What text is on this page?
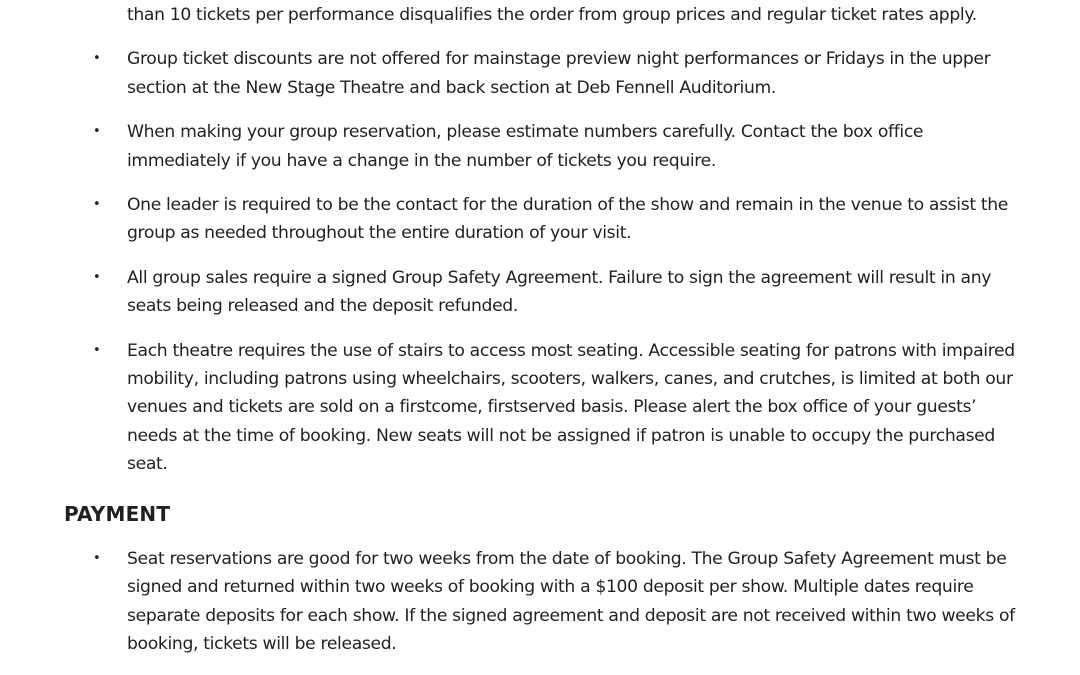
than 10 tickets per performance disqualifies the order from group prices and regular ticket rates apply.
• Group ticket discounts are not offered for mainstage preview night performances or Fridays in the upper section at the New Stage Theatre and back section at Deb Fennell Auditorium.
• When making your group reservation, please estimate numbers carefully. Contact the box office immediately if you have a change in the number of tickets you require.
• One leader is required to be the contact for the duration of the show and remain in the venue to assist the group as needed throughout the entire duration of your visit.
• All group sales require a signed Group Safety Agreement. Failure to sign the agreement will result in any seats being released and the deposit refunded.
• Each theatre requires the use of stairs to access most seating. Accessible seating for patrons with impaired mobility, including patrons using wheelchairs, scooters, walkers, canes, and crutches, is limited at both our venues and tickets are sold on a firstcome, firstserved basis. Please alert the box office of your guests’ needs at the time of booking. New seats will not be assigned if patron is unable to occupy the purchased seat.
PAYMENT
• Seat reservations are good for two weeks from the date of booking. The Group Safety Agreement must be signed and returned within two weeks of booking with a $100 deposit per show. Multiple dates require separate deposits for each show. If the signed agreement and deposit are not received within two weeks of booking, tickets will be released.
